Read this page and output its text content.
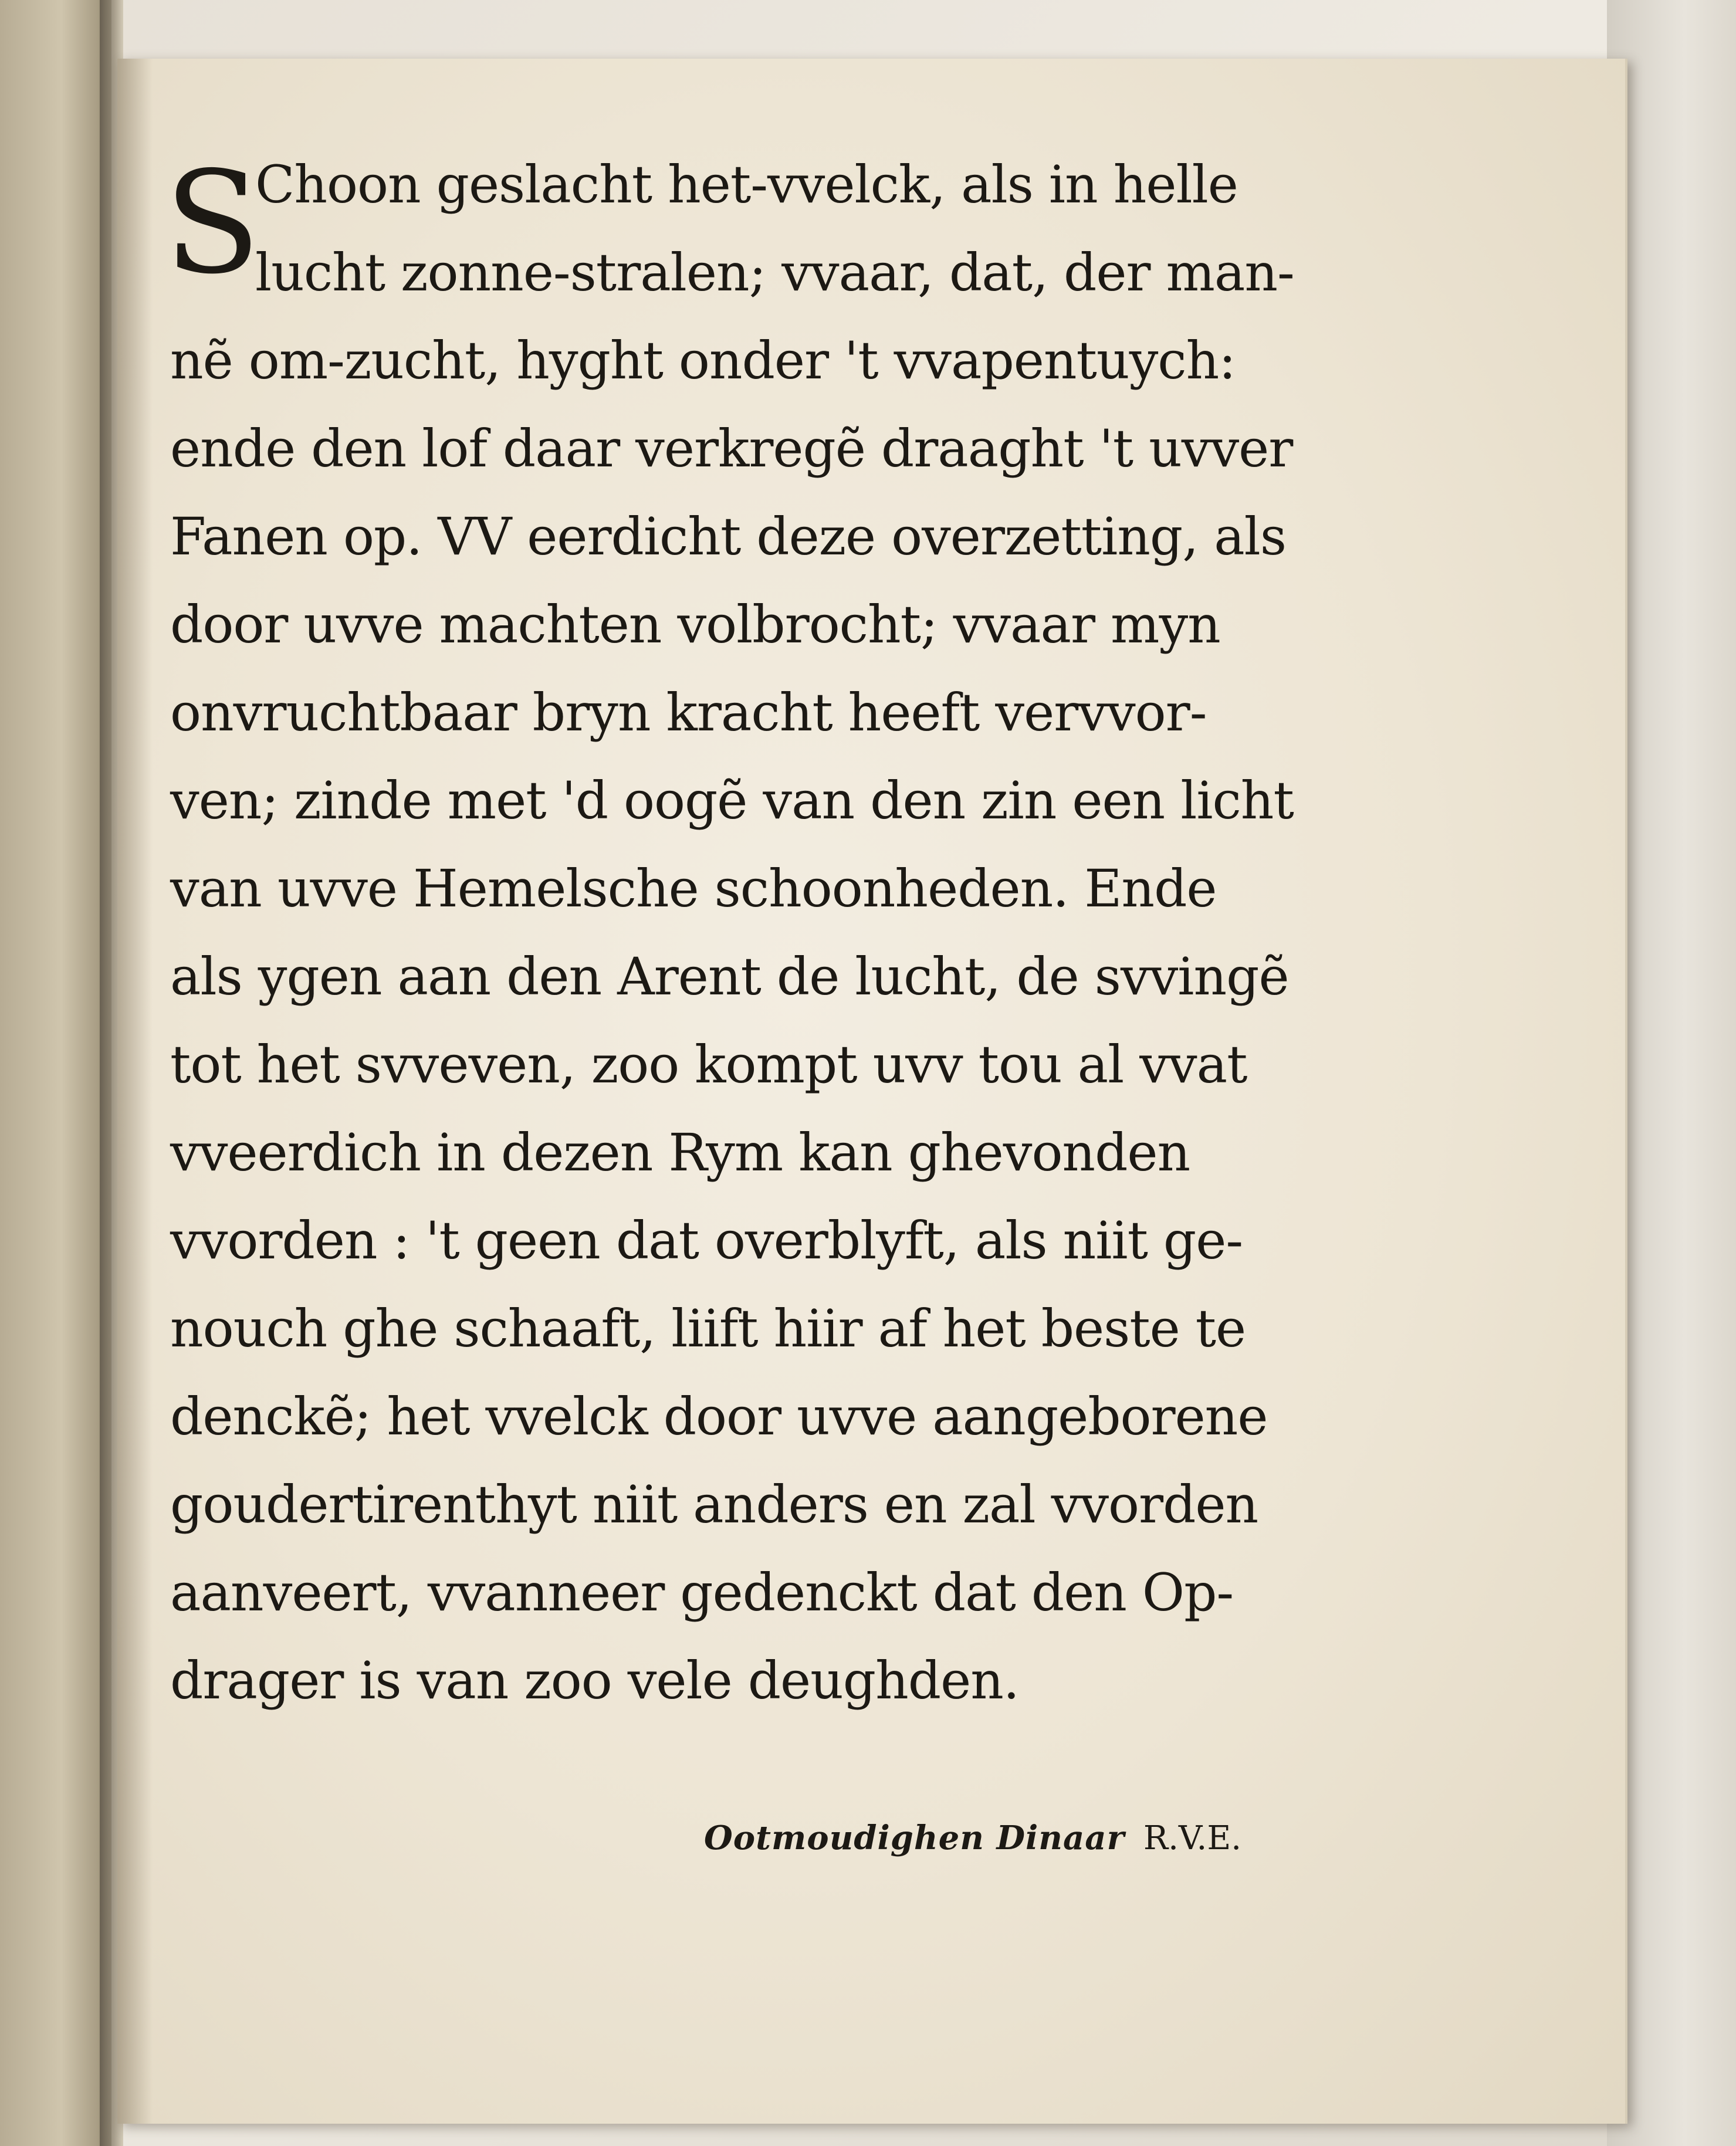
S
Choon geslacht het-vvelck, als in helle
lucht zonne-stralen; vvaar, dat, der man-
nẽ om-zucht, hyght onder 't vvapentuych:
ende den lof daar verkregẽ draaght 't uvver
Fanen op. VV eerdicht deze overzetting, als
door uvve machten volbrocht; vvaar myn
onvruchtbaar bryn kracht heeft vervvor-
ven; zinde met 'd oogẽ van den zin een licht
van uvve Hemelsche schoonheden. Ende
als ygen aan den Arent de lucht, de svvingẽ
tot het svveven, zoo kompt uvv tou al vvat
vveerdich in dezen Rym kan ghevonden
vvorden : 't geen dat overblyft, als niit ge-
nouch ghe schaaft, liift hiir af het beste te
denckẽ; het vvelck door uvve aangeborene
goudertirenthyt niit anders en zal vvorden
aanveert, vvanneer gedenckt dat den Op-
drager is van zoo vele deughden.
Ootmoudighen Dinaar R.V.E.
